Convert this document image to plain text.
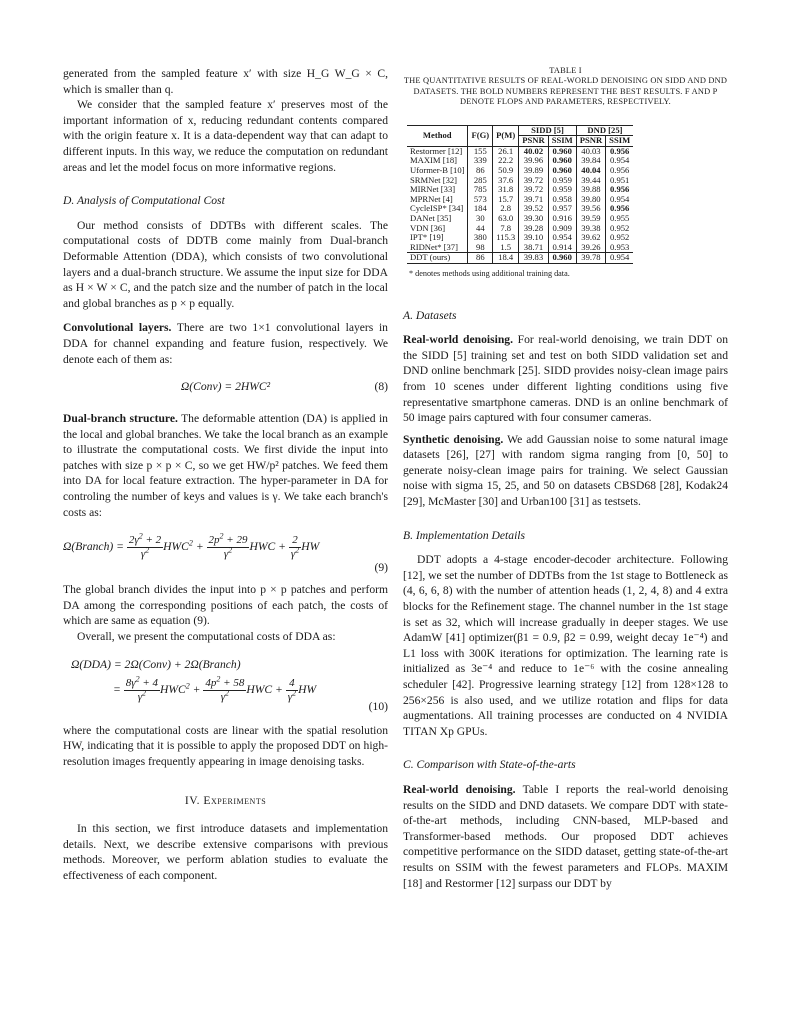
generated from the sampled feature x′ with size H_G W_G × C, which is smaller than q.

We consider that the sampled feature x′ preserves most of the important information of x, reducing redundant contents compared with the origin feature x. It is a data-dependent way that can adapt to different inputs. In this way, we reduce the computation on redundant areas and let the model focus on more informative regions.

D. Analysis of Computational Cost

Our method consists of DDTBs with different scales. The computational costs of DDTB come mainly from Dual-branch Deformable Attention (DDA), which consists of two convolutional layers and a dual-branch structure. We assume the input size for DDA as H × W × C, and the patch size and the number of patch in the local and global branches as p × p equally.

Convolutional layers. There are two 1×1 convolutional layers in DDA for channel expanding and feature fusion, respectively. We denote each of them as:

Ω(Conv) = 2HWC²	(8)

Dual-branch structure. The deformable attention (DA) is applied in the local and global branches. We take the local branch as an example to illustrate the computational costs. We first divide the input into patches with size p × p × C, so we get HW/p² patches. We feed them into DA for local feature extraction. The hyper-parameter in DA for controling the number of keys and values is γ. We take each branch's costs as:

Ω(Branch) = $\frac{2\gamma^2 + 2}{\gamma^2} HWC^2 + \frac{2p^2 + 29}{\gamma^2}$ HWC + $\frac{2}{\gamma^2}$ HW
(9)

The global branch divides the input into p × p patches and perform DA among the corresponding positions of each patch, the costs of which are same as equation (9).

Overall, we present the computational costs of DDA as:

Ω(DDA) = 2Ω(Conv) + 2Ω(Branch)
= $\frac{8\gamma^2 + 4}{\gamma^2} HWC^2 + \frac{4p^2 + 58}{\gamma^2}$ HWC + $\frac{4}{\gamma^2}$ HW
(10)

where the computational costs are linear with the spatial resolution HW, indicating that it is possible to apply the proposed DDT on high-resolution images frequently appearing in image denoising tasks.

IV. Experiments

In this section, we first introduce datasets and implementation details. Next, we describe extensive comparisons with previous methods. Moreover, we perform ablation studies to evaluate the effectiveness of each component.

TABLE I
THE QUANTITATIVE RESULTS OF REAL-WORLD DENOISING ON SIDD AND DND DATASETS. THE BOLD NUMBERS REPRESENT THE BEST RESULTS. F AND P DENOTE FLOPS AND PARAMETERS, RESPECTIVELY.
Method	F(G)	P(M)	SIDD [5]		DND [25]	
			PSNR	SSIM	PSNR	SSIM
Restormer [12]	155	26.1	40.02	0.960	40.03	0.956
MAXIM [18]	339	22.2	39.96	0.960	39.84	0.954
Uformer-B [10]	86	50.9	39.89	0.960	40.04	0.956
SRMNet [32]	285	37.6	39.72	0.959	39.44	0.951
MIRNet [33]	785	31.8	39.72	0.959	39.88	0.956
MPRNet [4]	573	15.7	39.71	0.958	39.80	0.954
CycleISP* [34]	184	2.8	39.52	0.957	39.56	0.956
DANet [35]	30	63.0	39.30	0.916	39.59	0.955
VDN [36]	44	7.8	39.28	0.909	39.38	0.952
IPT* [19]	380	115.3	39.10	0.954	39.62	0.952
RIDNet* [37]	98	1.5	38.71	0.914	39.26	0.953
DDT (ours)	86	18.4	39.83	0.960	39.78	0.954
* denotes methods using additional training data.
A. Datasets

Real-world denoising. For real-world denoising, we train DDT on the SIDD [5] training set and test on both SIDD validation set and DND online benchmark [25]. SIDD provides noisy-clean image pairs from 10 scenes under different lighting conditions using five representative smartphone cameras. DND is an online benchmark of 50 image pairs captured with four consumer cameras.

Synthetic denoising. We add Gaussian noise to some natural image datasets [26], [27] with random sigma ranging from [0, 50] to generate noisy-clean image pairs for training. We select Gaussian noise with sigma 15, 25, and 50 on datasets CBSD68 [28], Kodak24 [29], McMaster [30] and Urban100 [31] as testsets.

B. Implementation Details

DDT adopts a 4-stage encoder-decoder architecture. Following [12], we set the number of DDTBs from the 1st stage to Bottleneck as (4, 6, 6, 8) with the number of attention heads (1, 2, 4, 8) and 4 extra blocks for the Refinement stage. The channel number in the 1st stage is set as 32, which will increase gradually in deeper stages. We use AdamW [41] optimizer(β1 = 0.9, β2 = 0.99, weight decay 1e⁻⁴) and L1 loss with 300K iterations for optimization. The learning rate is initialized as 3e⁻⁴ and reduce to 1e⁻⁶ with the cosine annealing scheduler [42]. Progressive learning strategy [12] from 128×128 to 256×256 is also used, and we utilize rotation and flips for data augmentations. All training processes are conducted on 4 NVIDIA TITAN Xp GPUs.

C. Comparison with State-of-the-arts

Real-world denoising. Table I reports the real-world denoising results on the SIDD and DND datasets. We compare DDT with state-of-the-art methods, including CNN-based, MLP-based and Transformer-based methods. Our proposed DDT achieves competitive performance on the SIDD dataset, getting state-of-the-art results on SSIM with the fewest parameters and FLOPs. MAXIM [18] and Restormer [12] surpass our DDT by
